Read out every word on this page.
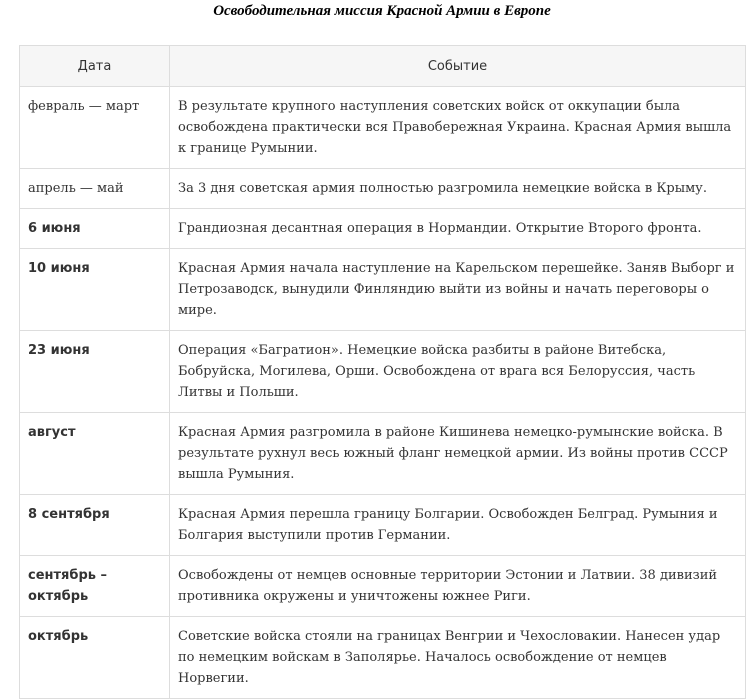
Освободительная миссия Красной Армии в Европе
Дата	Событие
февраль — март	В результате крупного наступления советских войск от оккупации была освобождена практически вся Правобережная Украина. Красная Армия вышла к границе Румынии.
апрель — май	За 3 дня советская армия полностью разгромила немецкие войска в Крыму.
6 июня	Грандиозная десантная операция в Нормандии. Открытие Второго фронта.
10 июня	Красная Армия начала наступление на Карельском перешейке. Заняв Выборг и Петрозаводск, вынудили Финляндию выйти из войны и начать переговоры о мире.
23 июня	Операция «Багратион». Немецкие войска разбиты в районе Витебска, Бобруйска, Могилева, Орши. Освобождена от врага вся Белоруссия, часть Литвы и Польши.
август	Красная Армия разгромила в районе Кишинева немецко-румынские войска. В результате рухнул весь южный фланг немецкой армии. Из войны против СССР вышла Румыния.
8 сентября	Красная Армия перешла границу Болгарии. Освобожден Белград. Румыния и Болгария выступили против Германии.
сентябрь – октябрь	Освобождены от немцев основные территории Эстонии и Латвии. 38 дивизий противника окружены и уничтожены южнее Риги.
октябрь	Советские войска стояли на границах Венгрии и Чехословакии. Нанесен удар по немецким войскам в Заполярье. Началось освобождение от немцев Норвегии.
